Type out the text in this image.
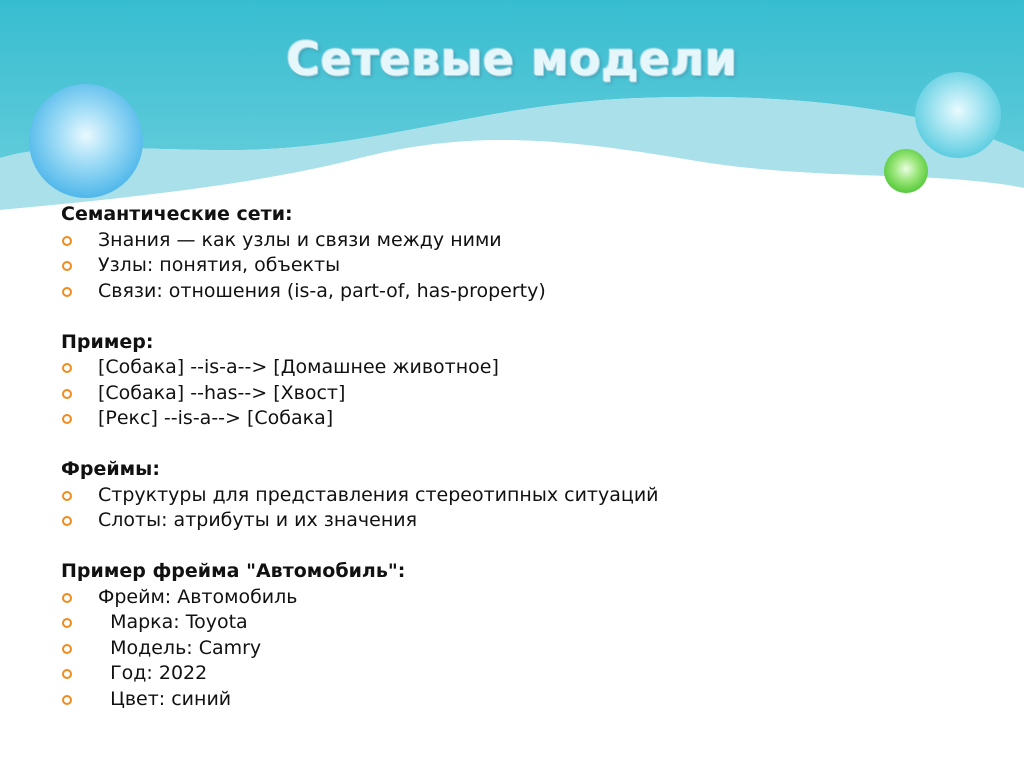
Сетевые модели
Семантические сети:
Знания — как узлы и связи между ними
Узлы: понятия, объекты
Связи: отношения (is-a, part-of, has-property)
Пример:
[Собака] --is-a--> [Домашнее животное]
[Собака] --has--> [Хвост]
[Рекс] --is-a--> [Собака]
Фреймы:
Структуры для представления стереотипных ситуаций
Слоты: атрибуты и их значения
Пример фрейма "Автомобиль":
Фрейм: Автомобиль
Марка: Toyota
Модель: Camry
Год: 2022
Цвет: синий
